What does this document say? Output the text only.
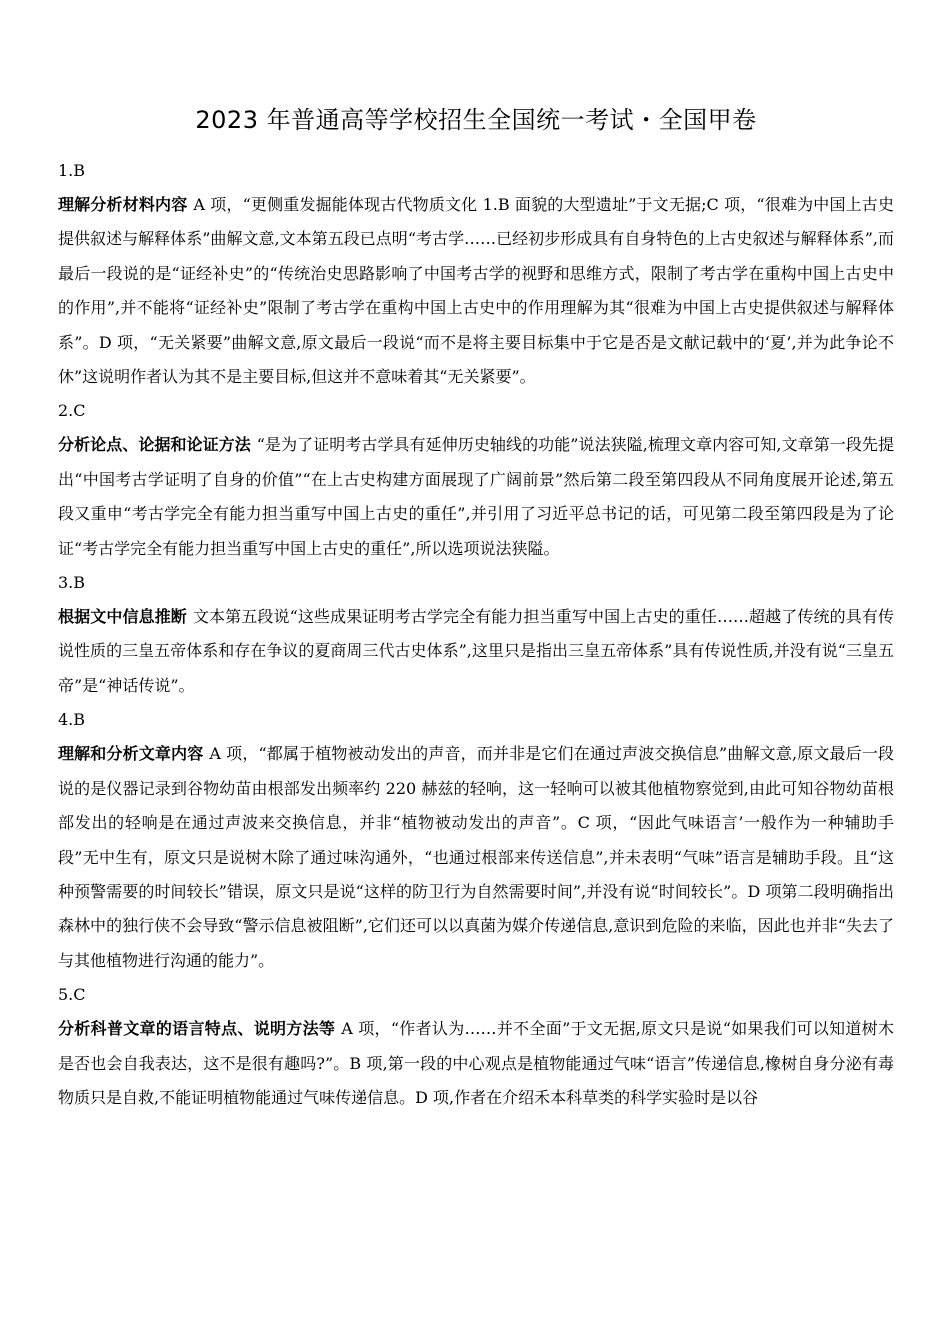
2023 年普通高等学校招生全国统一考试・全国甲卷
1.B

理解分析材料内容 A 项，“更侧重发掘能体现古代物质文化 1.B 面貌的大型遗址”于文无据;C 项，“很难为中国上古史提供叙述与解释体系”曲解文意,文本第五段已点明“考古学……已经初步形成具有自身特色的上古史叙述与解释体系”,而最后一段说的是“证经补史”的“传统治史思路影响了中国考古学的视野和思维方式，限制了考古学在重构中国上古史中的作用”,并不能将“证经补史”限制了考古学在重构中国上古史中的作用理解为其“很难为中国上古史提供叙述与解释体系”。D 项，“无关紧要”曲解文意,原文最后一段说“而不是将主要目标集中于它是否是文献记载中的‘夏’,并为此争论不休”这说明作者认为其不是主要目标,但这并不意味着其“无关紧要”。

2.C

分析论点、论据和论证方法 “是为了证明考古学具有延伸历史轴线的功能”说法狭隘,梳理文章内容可知,文章第一段先提出“中国考古学证明了自身的价值”“在上古史构建方面展现了广阔前景”然后第二段至第四段从不同角度展开论述,第五段又重申“考古学完全有能力担当重写中国上古史的重任”,并引用了习近平总书记的话，可见第二段至第四段是为了论证“考古学完全有能力担当重写中国上古史的重任”,所以选项说法狭隘。

3.B

根据文中信息推断 文本第五段说“这些成果证明考古学完全有能力担当重写中国上古史的重任……超越了传统的具有传说性质的三皇五帝体系和存在争议的夏商周三代古史体系”,这里只是指出三皇五帝体系”具有传说性质,并没有说“三皇五帝”是“神话传说”。

4.B

理解和分析文章内容 A 项，“都属于植物被动发出的声音，而并非是它们在通过声波交换信息”曲解文意,原文最后一段说的是仪器记录到谷物幼苗由根部发出频率约 220 赫兹的轻响，这一轻响可以被其他植物察觉到,由此可知谷物幼苗根部发出的轻响是在通过声波来交换信息，并非“植物被动发出的声音”。C 项，“因此气味语言’一般作为一种辅助手段”无中生有，原文只是说树木除了通过味沟通外，“也通过根部来传送信息”,并未表明“气味”语言是辅助手段。且“这种预警需要的时间较长”错误，原文只是说“这样的防卫行为自然需要时间”,并没有说“时间较长”。D 项第二段明确指出森林中的独行侠不会导致“警示信息被阻断”,它们还可以以真菌为媒介传递信息,意识到危险的来临，因此也并非“失去了与其他植物进行沟通的能力”。

5.C

分析科普文章的语言特点、说明方法等 A 项，“作者认为……并不全面”于文无据,原文只是说“如果我们可以知道树木是否也会自我表达，这不是很有趣吗?”。B 项,第一段的中心观点是植物能通过气味“语言”传递信息,橡树自身分泌有毒物质只是自救,不能证明植物能通过气味传递信息。D 项,作者在介绍禾本科草类的科学实验时是以谷
